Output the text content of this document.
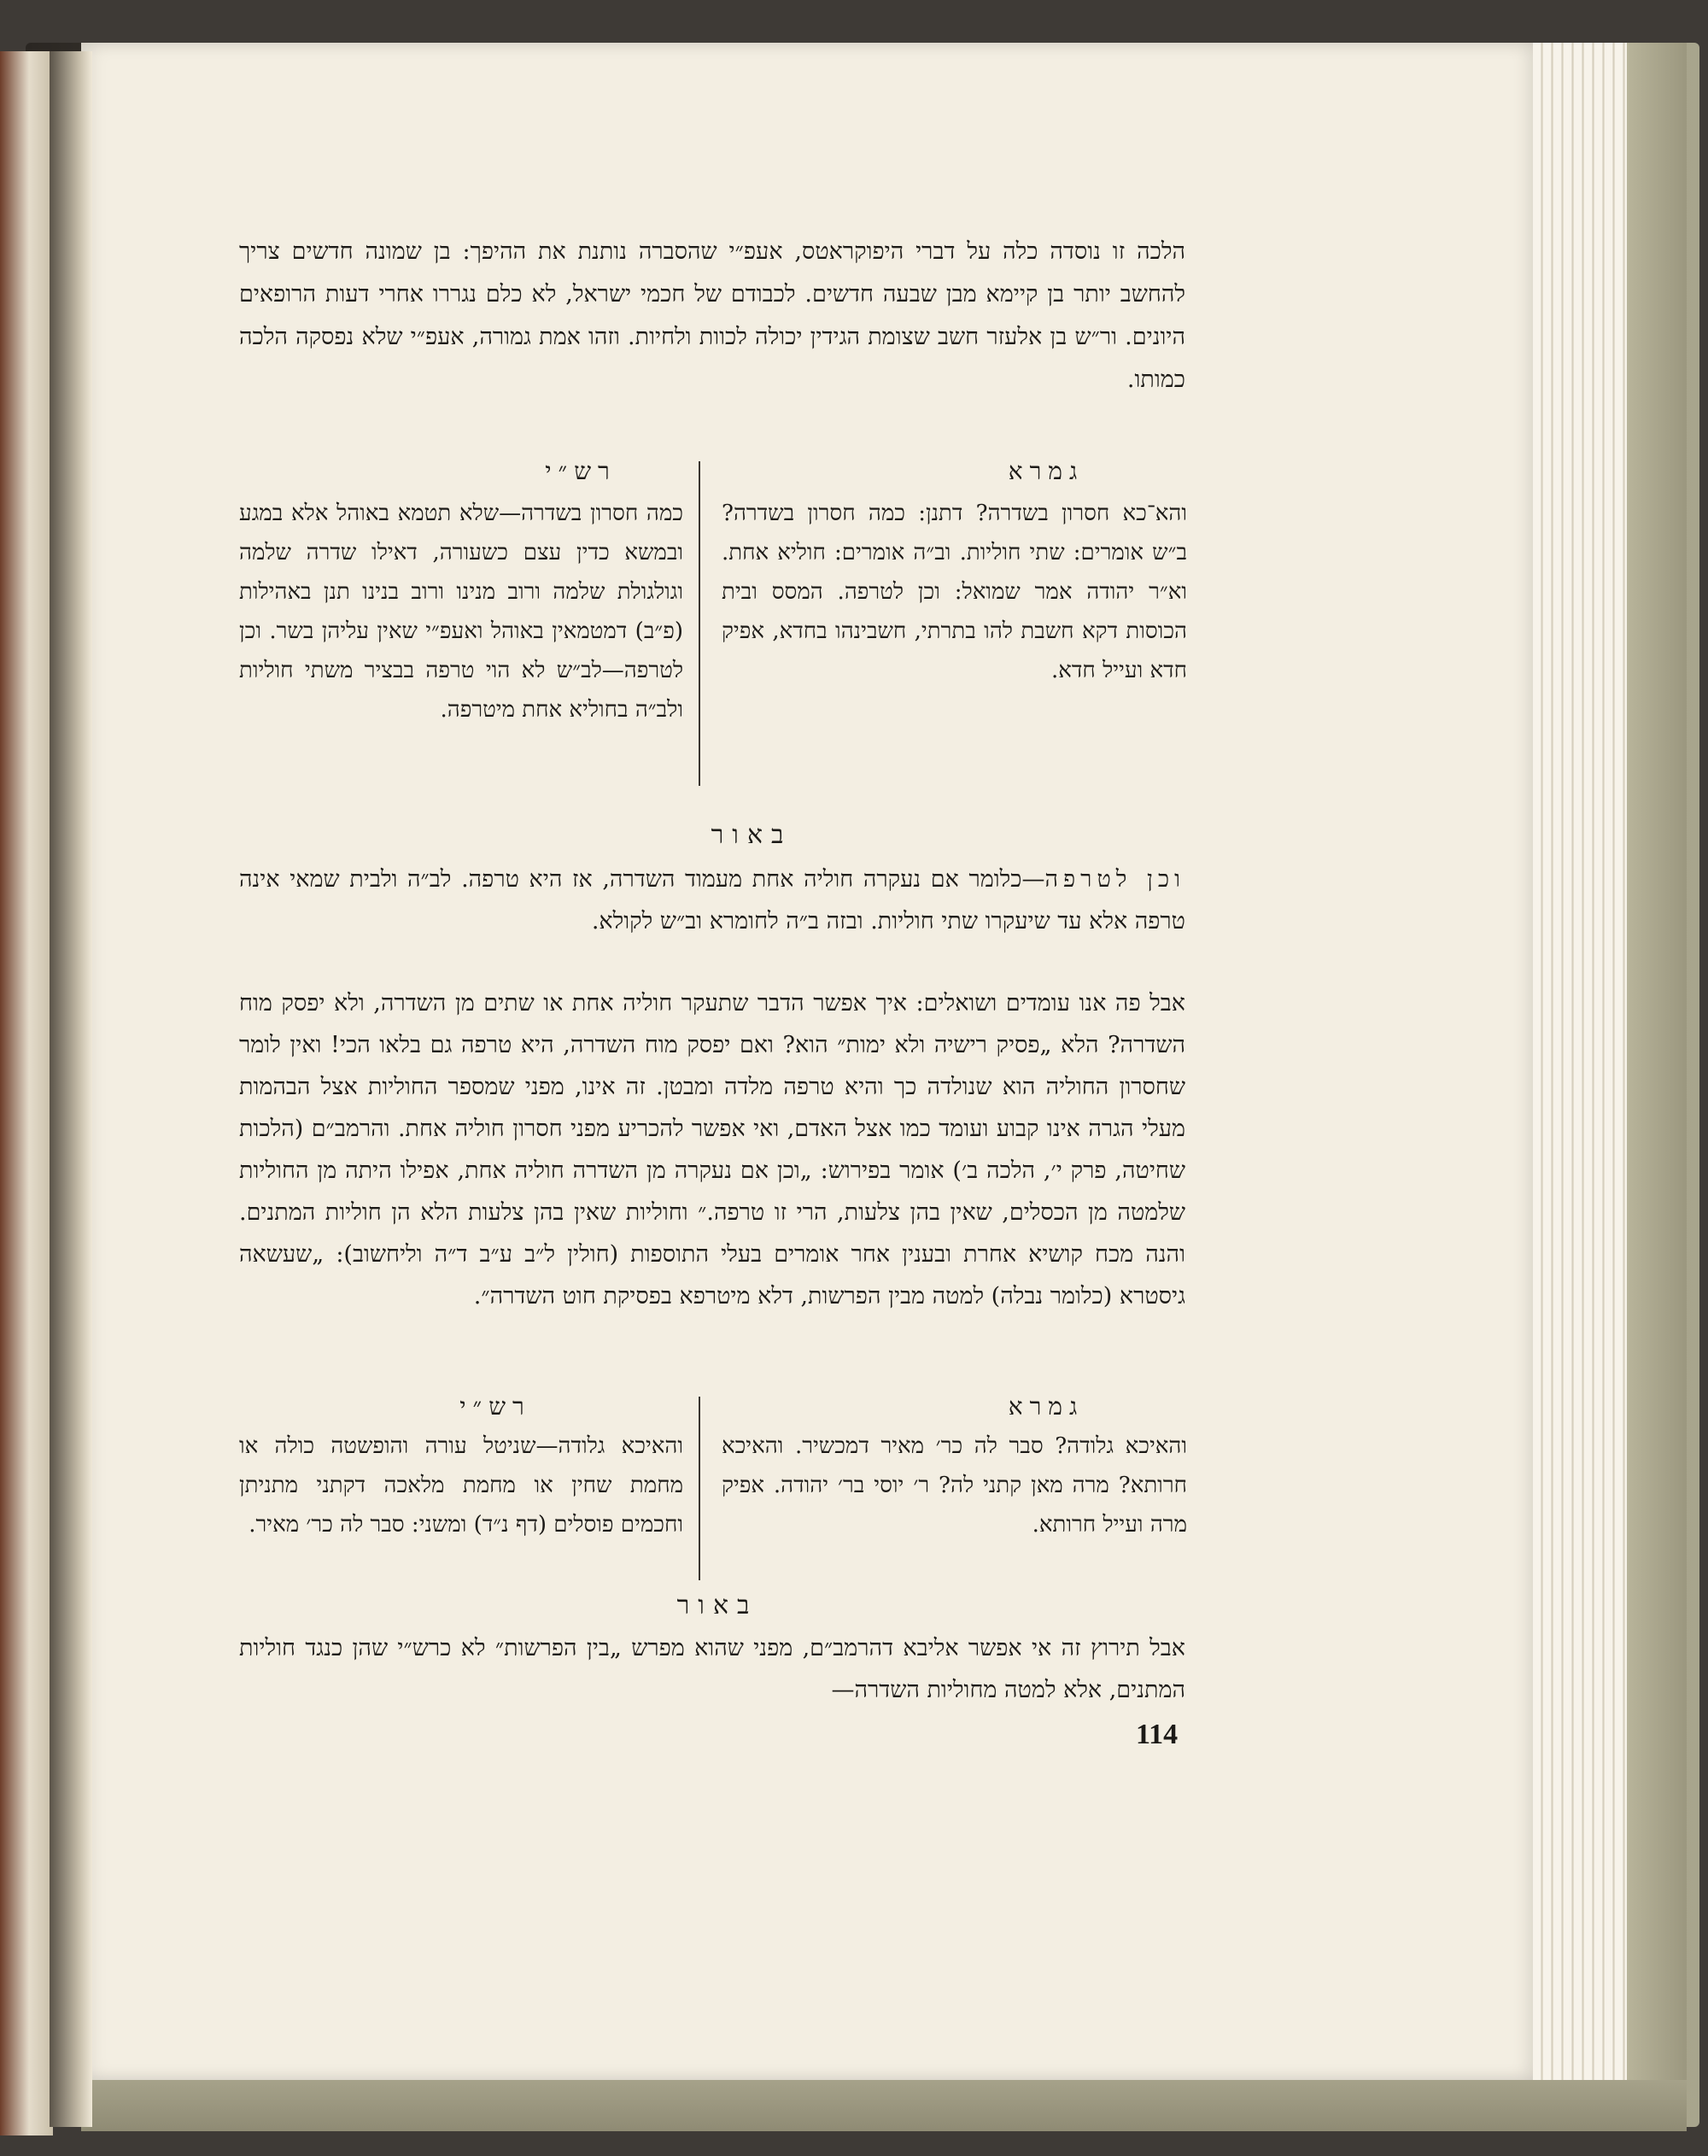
הלכה זו נוסדה כלה על דברי היפוקראטס, אעפ״י שהסברה נותנת את ההיפך: בן שמונה חדשים צריך להחשב יותר בן קיימא מבן שבעה חדשים. לכבודם של חכמי ישראל, לא כלם נגררו אחרי דעות הרופאים היונים. ור״ש בן אלעזר חשב שצומת הגידין יכולה לכוות ולחיות. וזהו אמת גמורה, אעפ״י שלא נפסקה הלכה כמותו.
גמרא
רש״י
והא־כא חסרון בשדרה? דתנן: כמה חסרון בשדרה? ב״ש אומרים: שתי חוליות. וב״ה אומרים: חוליא אחת. וא״ר יהודה אמר שמואל: וכן לטרפה. המסס ובית הכוסות דקא חשבת להו בתרתי, חשבינהו בחדא, אפיק חדא ועייל חדא.
כמה חסרון בשדרה—שלא תטמא באוהל אלא במגע ובמשא כדין עצם כשעורה, דאילו שדרה שלמה וגולגולת שלמה ורוב מנינו ורוב בנינו תנן באהילות (פ״ב) דמטמאין באוהל ואעפ״י שאין עליהן בשר. וכן לטרפה—לב״ש לא הוי טרפה בבציר משתי חוליות ולב״ה בחוליא אחת מיטרפה.
באור
וכן לטרפה—כלומר אם נעקרה חוליה אחת מעמוד השדרה, אז היא טרפה. לב״ה ולבית שמאי אינה טרפה אלא עד שיעקרו שתי חוליות. ובזה ב״ה לחומרא וב״ש לקולא.
אבל פה אנו עומדים ושואלים: איך אפשר הדבר שתעקר חוליה אחת או שתים מן השדרה, ולא יפסק מוח השדרה? הלא „פסיק רישיה ולא ימות״ הוא? ואם יפסק מוח השדרה, היא טרפה גם בלאו הכי! ואין לומר שחסרון החוליה הוא שנולדה כך והיא טרפה מלדה ומבטן. זה אינו, מפני שמספר החוליות אצל הבהמות מעלי הגרה אינו קבוע ועומד כמו אצל האדם, ואי אפשר להכריע מפני חסרון חוליה אחת. והרמב״ם (הלכות שחיטה, פרק י׳, הלכה ב׳) אומר בפירוש: „וכן אם נעקרה מן השדרה חוליה אחת, אפילו היתה מן החוליות שלמטה מן הכסלים, שאין בהן צלעות, הרי זו טרפה.״ וחוליות שאין בהן צלעות הלא הן חוליות המתנים. והנה מכח קושיא אחרת ובענין אחר אומרים בעלי התוספות (חולין ל״ב ע״ב ד״ה וליחשוב): „שעשאה גיסטרא (כלומר נבלה) למטה מבין הפרשות, דלא מיטרפא בפסיקת חוט השדרה״.
גמרא
רש״י
והאיכא גלודה? סבר לה כר׳ מאיר דמכשיר. והאיכא חרותא? מרה מאן קתני לה? ר׳ יוסי בר׳ יהודה. אפיק מרה ועייל חרותא.
והאיכא גלודה—שניטל עורה והופשטה כולה או מחמת שחין או מחמת מלאכה דקתני מתניתן וחכמים פוסלים (דף נ״ד) ומשני: סבר לה כר׳ מאיר.
באור
אבל תירוץ זה אי אפשר אליבא דהרמב״ם, מפני שהוא מפרש „בין הפרשות״ לא כרש״י שהן כנגד חוליות המתנים, אלא למטה מחוליות השדרה—
114
